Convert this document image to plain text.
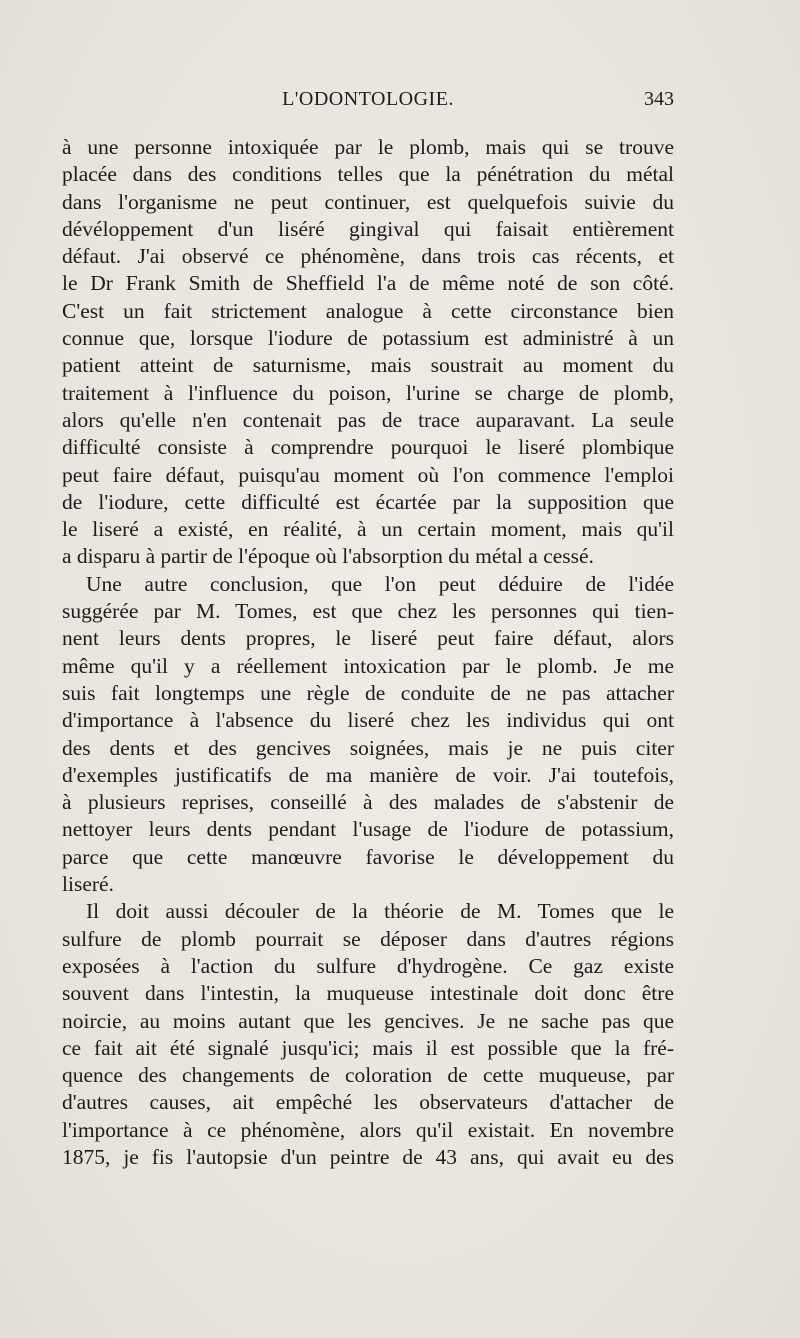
L'ODONTOLOGIE.	343
à une personne intoxiquée par le plomb, mais qui se trouve
placée dans des conditions telles que la pénétration du métal
dans l'organisme ne peut continuer, est quelquefois suivie du
dévéloppement d'un liséré gingival qui faisait entièrement
défaut. J'ai observé ce phénomène, dans trois cas récents, et
le Dr Frank Smith de Sheffield l'a de même noté de son côté.
C'est un fait strictement analogue à cette circonstance bien
connue que, lorsque l'iodure de potassium est administré à un
patient atteint de saturnisme, mais soustrait au moment du
traitement à l'influence du poison, l'urine se charge de plomb,
alors qu'elle n'en contenait pas de trace auparavant. La seule
difficulté consiste à comprendre pourquoi le liseré plombique
peut faire défaut, puisqu'au moment où l'on commence l'emploi
de l'iodure, cette difficulté est écartée par la supposition que
le liseré a existé, en réalité, à un certain moment, mais qu'il
a disparu à partir de l'époque où l'absorption du métal a cessé.
Une autre conclusion, que l'on peut déduire de l'idée
suggérée par M. Tomes, est que chez les personnes qui tien-
nent leurs dents propres, le liseré peut faire défaut, alors
même qu'il y a réellement intoxication par le plomb. Je me
suis fait longtemps une règle de conduite de ne pas attacher
d'importance à l'absence du liseré chez les individus qui ont
des dents et des gencives soignées, mais je ne puis citer
d'exemples justificatifs de ma manière de voir. J'ai toutefois,
à plusieurs reprises, conseillé à des malades de s'abstenir de
nettoyer leurs dents pendant l'usage de l'iodure de potassium,
parce que cette manœuvre favorise le développement du
liseré.
Il doit aussi découler de la théorie de M. Tomes que le
sulfure de plomb pourrait se déposer dans d'autres régions
exposées à l'action du sulfure d'hydrogène. Ce gaz existe
souvent dans l'intestin, la muqueuse intestinale doit donc être
noircie, au moins autant que les gencives. Je ne sache pas que
ce fait ait été signalé jusqu'ici; mais il est possible que la fré-
quence des changements de coloration de cette muqueuse, par
d'autres causes, ait empêché les observateurs d'attacher de
l'importance à ce phénomène, alors qu'il existait. En novembre
1875, je fis l'autopsie d'un peintre de 43 ans, qui avait eu des
